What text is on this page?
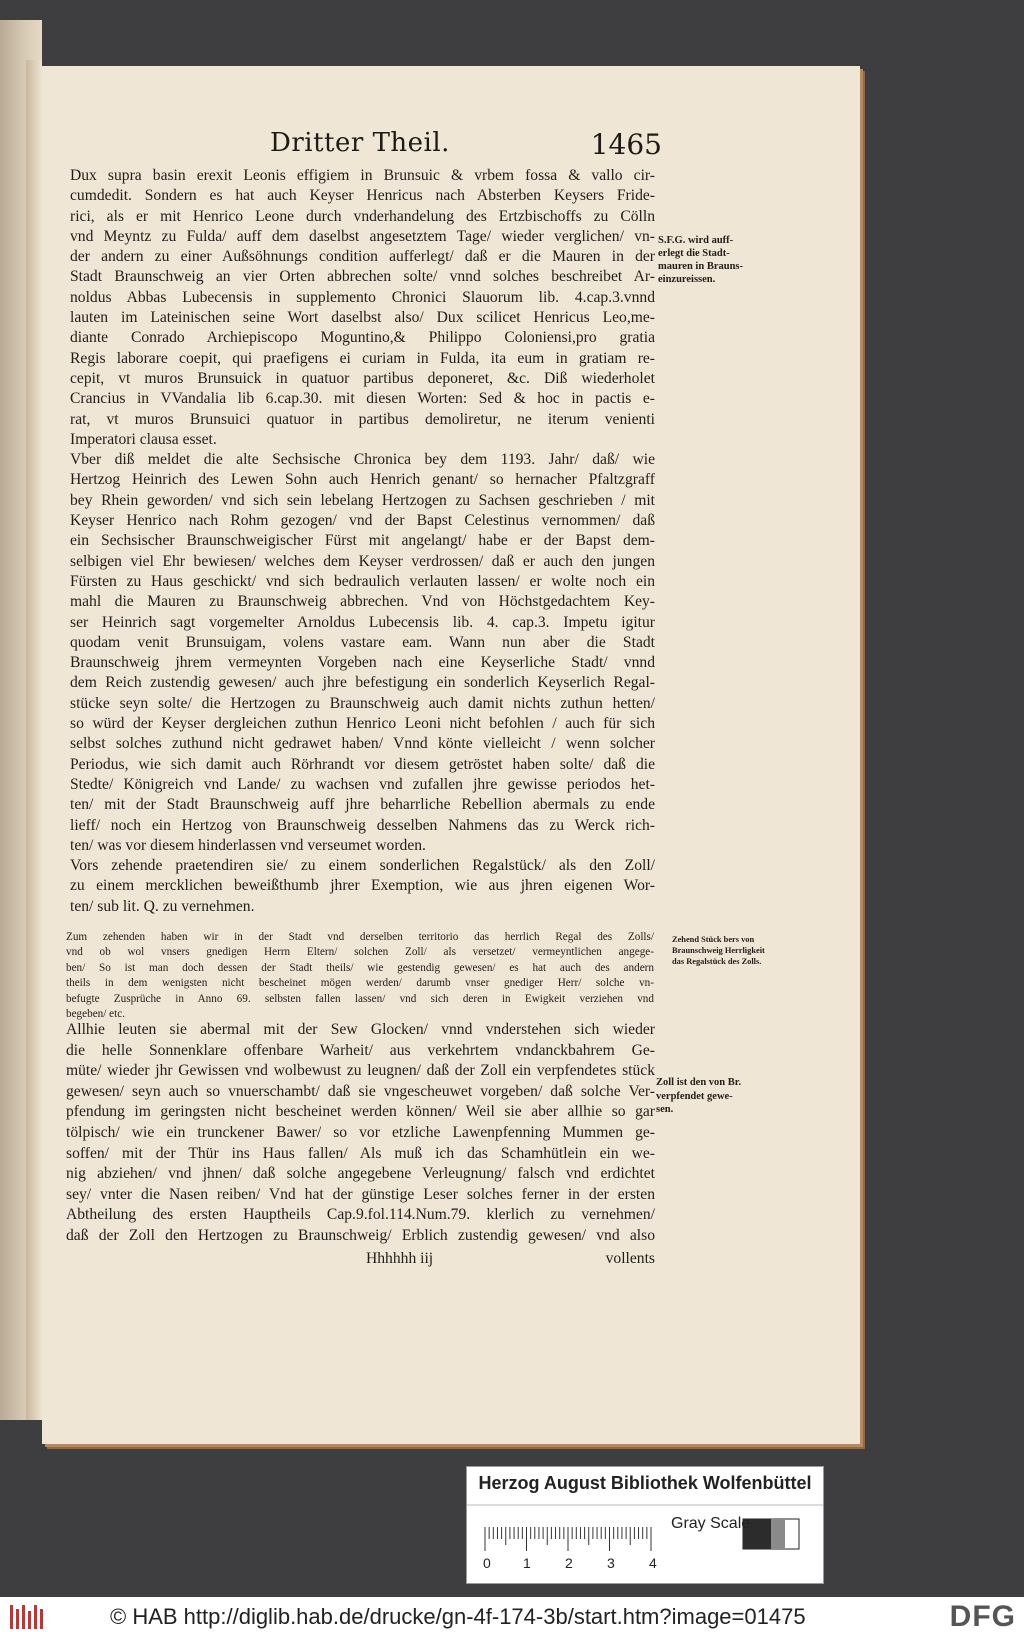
Dritter Theil.	1465
Dux supra basin erexit Leonis effigiem in Brunsuic & vrbem fossa & vallo cir-
cumdedit. Sondern es hat auch Keyser Henricus nach Absterben Keysers Fride-
rici, als er mit Henrico Leone durch vnderhandelung des Ertzbischoffs zu Cölln
vnd Meyntz zu Fulda/ auff dem daselbst angesetztem Tage/ wieder verglichen/ vn-
der andern zu einer Außsöhnungs condition aufferlegt/ daß er die Mauren in der
Stadt Braunschweig an vier Orten abbrechen solte/ vnnd solches beschreibet Ar-
noldus Abbas Lubecensis in supplemento Chronici Slauorum lib. 4.cap.3.vnnd
lauten im Lateinischen seine Wort daselbst also/ Dux scilicet Henricus Leo,me-
diante Conrado Archiepiscopo Moguntino,& Philippo Coloniensi,pro gratia
Regis laborare coepit, qui praefigens ei curiam in Fulda, ita eum in gratiam re-
cepit, vt muros Brunsuick in quatuor partibus deponeret, &c. Diß wiederholet
Crancius in VVandalia lib 6.cap.30. mit diesen Worten: Sed & hoc in pactis e-
rat, vt muros Brunsuici quatuor in partibus demoliretur, ne iterum venienti
Imperatori clausa esset.
Vber diß meldet die alte Sechsische Chronica bey dem 1193. Jahr/ daß/ wie
Hertzog Heinrich des Lewen Sohn auch Henrich genant/ so hernacher Pfaltzgraff
bey Rhein geworden/ vnd sich sein lebelang Hertzogen zu Sachsen geschrieben / mit
Keyser Henrico nach Rohm gezogen/ vnd der Bapst Celestinus vernommen/ daß
ein Sechsischer Braunschweigischer Fürst mit angelangt/ habe er der Bapst dem-
selbigen viel Ehr bewiesen/ welches dem Keyser verdrossen/ daß er auch den jungen
Fürsten zu Haus geschickt/ vnd sich bedraulich verlauten lassen/ er wolte noch ein
mahl die Mauren zu Braunschweig abbrechen. Vnd von Höchstgedachtem Key-
ser Heinrich sagt vorgemelter Arnoldus Lubecensis lib. 4. cap.3. Impetu igitur
quodam venit Brunsuigam, volens vastare eam. Wann nun aber die Stadt
Braunschweig jhrem vermeynten Vorgeben nach eine Keyserliche Stadt/ vnnd
dem Reich zustendig gewesen/ auch jhre befestigung ein sonderlich Keyserlich Regal-
stücke seyn solte/ die Hertzogen zu Braunschweig auch damit nichts zuthun hetten/
so würd der Keyser dergleichen zuthun Henrico Leoni nicht befohlen / auch für sich
selbst solches zuthund nicht gedrawet haben/ Vnnd könte vielleicht / wenn solcher
Periodus, wie sich damit auch Rörhrandt vor diesem getröstet haben solte/ daß die
Stedte/ Königreich vnd Lande/ zu wachsen vnd zufallen jhre gewisse periodos het-
ten/ mit der Stadt Braunschweig auff jhre beharrliche Rebellion abermals zu ende
lieff/ noch ein Hertzog von Braunschweig desselben Nahmens das zu Werck rich-
ten/ was vor diesem hinderlassen vnd verseumet worden.
Vors zehende praetendiren sie/ zu einem sonderlichen Regalstück/ als den Zoll/
zu einem mercklichen beweißthumb jhrer Exemption, wie aus jhren eigenen Wor-
ten/ sub lit. Q. zu vernehmen.
Zum zehenden haben wir in der Stadt vnd derselben territorio das herrlich Regal des Zolls/
vnd ob wol vnsers gnedigen Herrn Eltern/ solchen Zoll/ als versetzet/ vermeyntlichen angege-
ben/ So ist man doch dessen der Stadt theils/ wie gestendig gewesen/ es hat auch des andern
theils in dem wenigsten nicht bescheinet mögen werden/ darumb vnser gnediger Herr/ solche vn-
befugte Zusprüche in Anno 69. selbsten fallen lassen/ vnd sich deren in Ewigkeit verziehen vnd
begeben/ etc.
Allhie leuten sie abermal mit der Sew Glocken/ vnnd vnderstehen sich wieder
die helle Sonnenklare offenbare Warheit/ aus verkehrtem vndanckbahrem Ge-
müte/ wieder jhr Gewissen vnd wolbewust zu leugnen/ daß der Zoll ein verpfendetes stück
gewesen/ seyn auch so vnuerschambt/ daß sie vngescheuwet vorgeben/ daß solche Ver-
pfendung im geringsten nicht bescheinet werden können/ Weil sie aber allhie so gar
tölpisch/ wie ein trunckener Bawer/ so vor etzliche Lawenpfenning Mummen ge-
soffen/ mit der Thür ins Haus fallen/ Als muß ich das Schamhütlein ein we-
nig abziehen/ vnd jhnen/ daß solche angegebene Verleugnung/ falsch vnd erdichtet
sey/ vnter die Nasen reiben/ Vnd hat der günstige Leser solches ferner in der ersten
Abtheilung des ersten Hauptheils Cap.9.fol.114.Num.79. klerlich zu vernehmen/
daß der Zoll den Hertzogen zu Braunschweig/ Erblich zustendig gewesen/ vnd also
Hhhhhh iij	vollents
S.F.G. wird auff-
erlegt die Stadt-
mauren in Brauns-
einzureissen.
Zehend Stück bers von
Braunschweig Herrligkeit
das Regalstück des Zolls.
Zoll ist den von Br.
verpfendet gewe-
sen.
Herzog August Bibliothek Wolfenbüttel
Gray Scale
0 1 2 3 4
© HAB http://diglib.hab.de/drucke/gn-4f-174-3b/start.htm?image=01475	DFG
